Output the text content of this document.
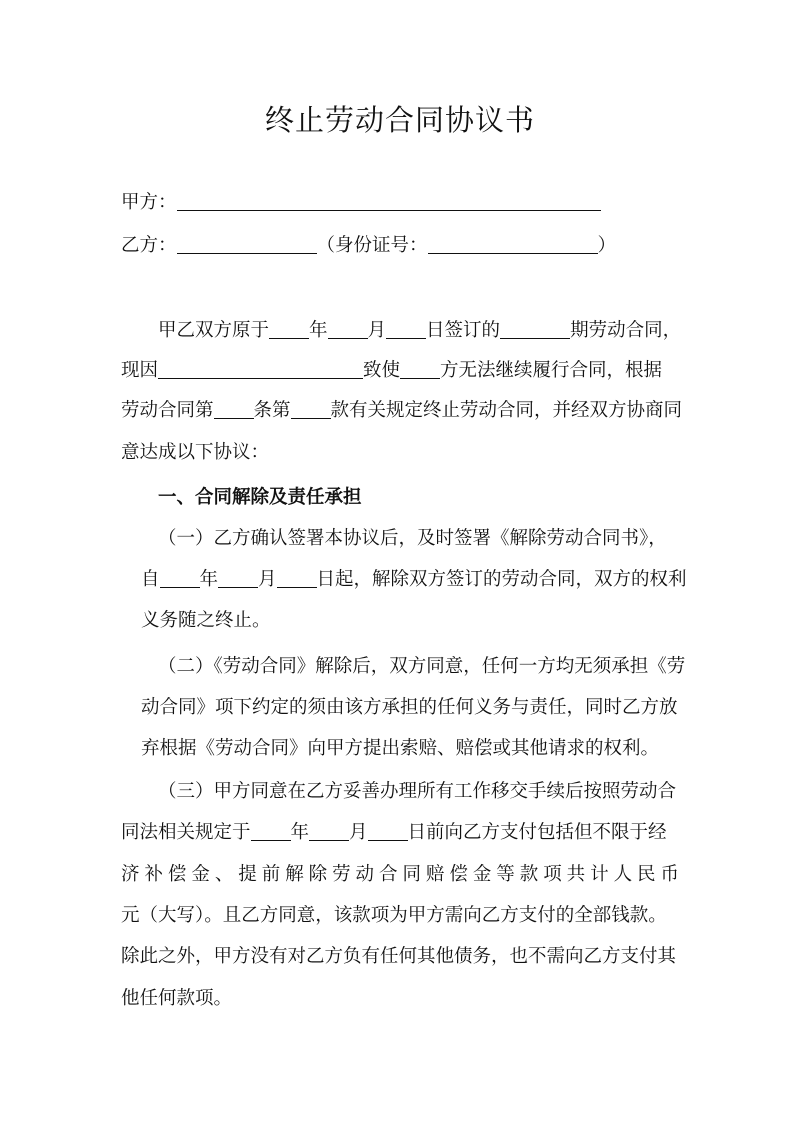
终止劳动合同协议书
甲方：
乙方：	（身份证号：	）
甲乙双方原于 年 月 日签订的	期劳动合同，
现因	致使 方无法继续履行合同，根据
劳动合同第 条第 款有关规定终止劳动合同，并经双方协商同
意达成以下协议：
一、合同解除及责任承担
（一）乙方确认签署本协议后，及时签署《解除劳动合同书》，
自 年 月 日起，解除双方签订的劳动合同，双方的权利
义务随之终止。
（二）《劳动合同》解除后，双方同意，任何一方均无须承担《劳
动合同》项下约定的须由该方承担的任何义务与责任，同时乙方放
弃根据《劳动合同》向甲方提出索赔、赔偿或其他请求的权利。
（三）甲方同意在乙方妥善办理所有工作移交手续后按照劳动合
同法相关规定于 年 月 日前向乙方支付包括但不限于经
济补偿金、提前解除劳动合同赔偿金等款项共计人民币
元（大写）。且乙方同意，该款项为甲方需向乙方支付的全部钱款。
除此之外，甲方没有对乙方负有任何其他债务，也不需向乙方支付其
他任何款项。
